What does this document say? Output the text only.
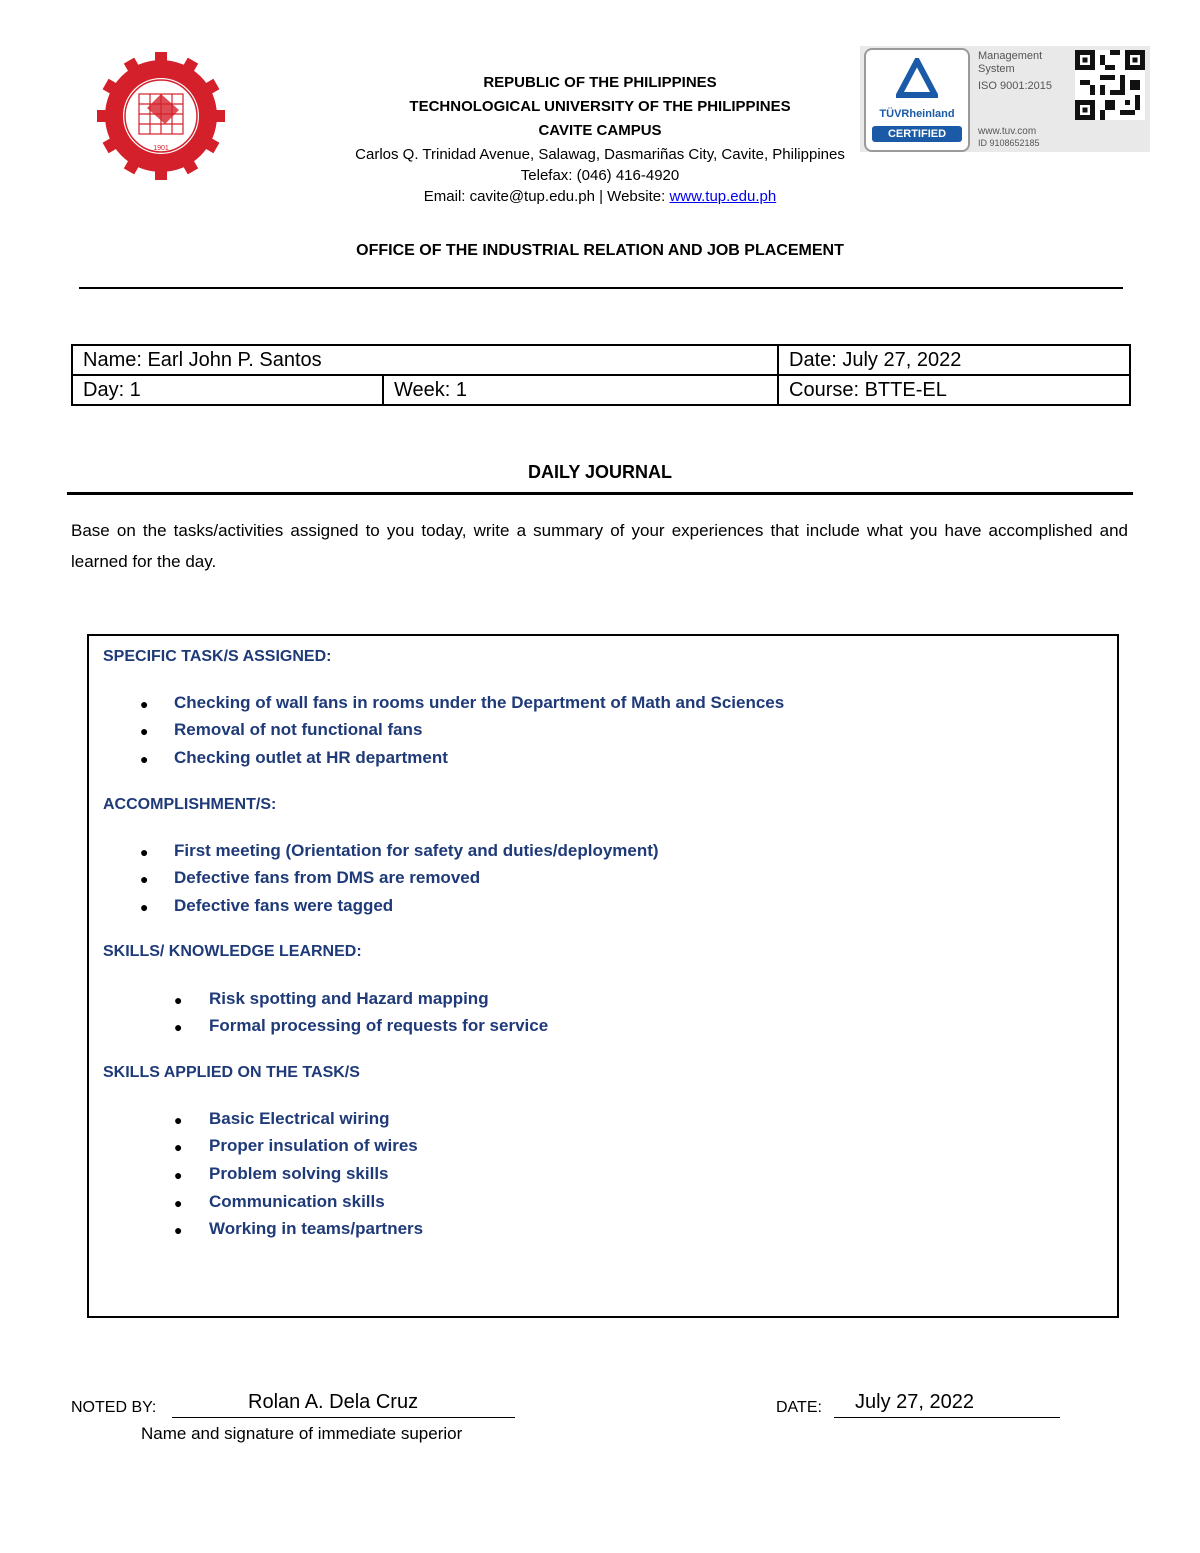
1901
REPUBLIC OF THE PHILIPPINES
TECHNOLOGICAL UNIVERSITY OF THE PHILIPPINES
CAVITE CAMPUS
Carlos Q. Trinidad Avenue, Salawag, Dasmariñas City, Cavite, Philippines
Telefax: (046) 416-4920
Email: cavite@tup.edu.ph | Website: www.tup.edu.ph
TÜVRheinland
CERTIFIED
Management System
ISO 9001:2015
www.tuv.com
ID 9108652185
OFFICE OF THE INDUSTRIAL RELATION AND JOB PLACEMENT
Name: Earl John P. Santos		Date: July 27, 2022
Day: 1	Week: 1	Course: BTTE-EL
DAILY JOURNAL
Base on the tasks/activities assigned to you today, write a summary of your experiences that include what you have accomplished and learned for the day.
SPECIFIC TASK/S ASSIGNED:
● Checking of wall fans in rooms under the Department of Math and Sciences
● Removal of not functional fans
● Checking outlet at HR department
ACCOMPLISHMENT/S:
● First meeting (Orientation for safety and duties/deployment)
● Defective fans from DMS are removed
● Defective fans were tagged
SKILLS/ KNOWLEDGE LEARNED:
● Risk spotting and Hazard mapping
● Formal processing of requests for service
SKILLS APPLIED ON THE TASK/S
● Basic Electrical wiring
● Proper insulation of wires
● Problem solving skills
● Communication skills
● Working in teams/partners
NOTED BY:	Rolan A. Dela Cruz
Name and signature of immediate superior
DATE: July 27, 2022
